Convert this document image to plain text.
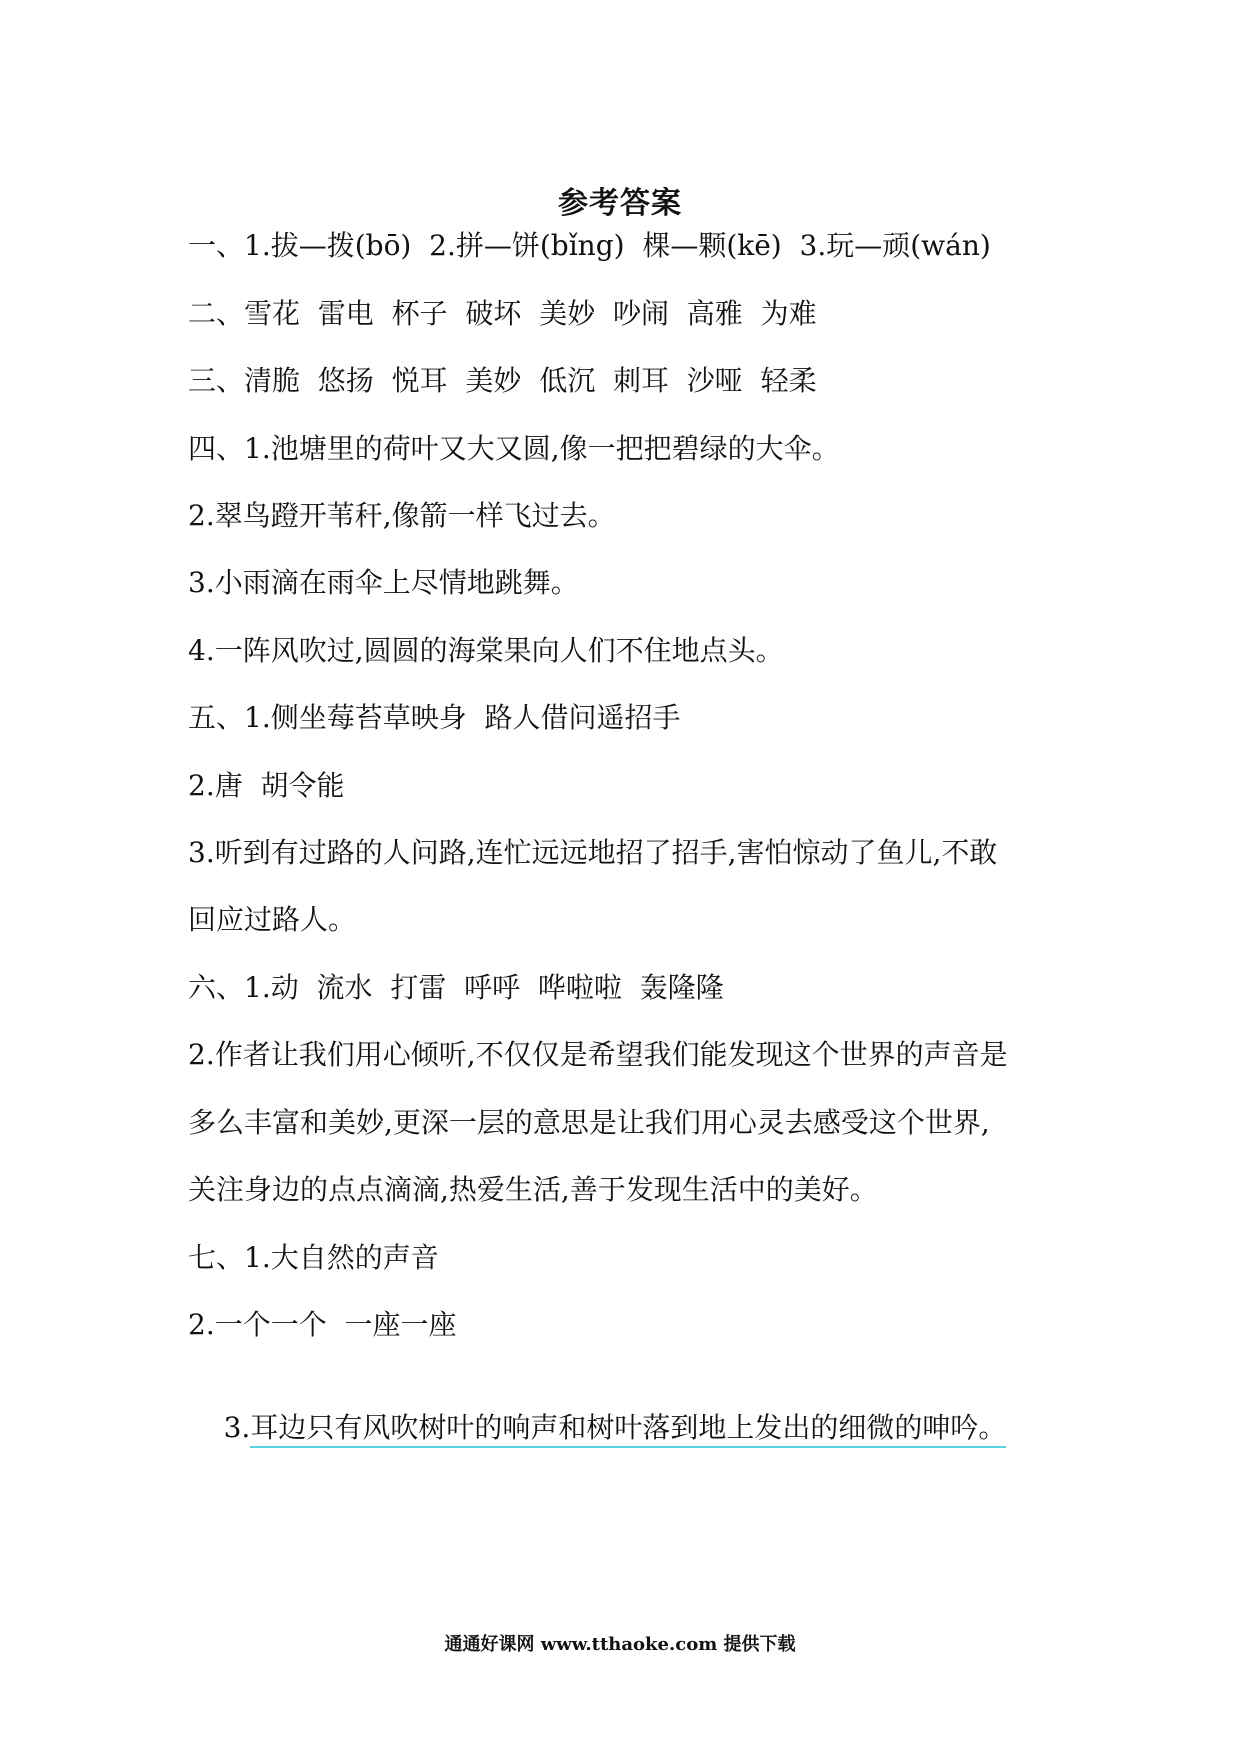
参考答案
一、1.拔—拨(bō)  2.拼—饼(bǐng)  棵—颗(kē)  3.玩—顽(wán)
二、雪花  雷电  杯子  破坏  美妙  吵闹  高雅  为难
三、清脆  悠扬  悦耳  美妙  低沉  刺耳  沙哑  轻柔
四、1.池塘里的荷叶又大又圆,像一把把碧绿的大伞。
2.翠鸟蹬开苇秆,像箭一样飞过去。
3.小雨滴在雨伞上尽情地跳舞。
4.一阵风吹过,圆圆的海棠果向人们不住地点头。
五、1.侧坐莓苔草映身  路人借问遥招手
2.唐  胡令能
3.听到有过路的人问路,连忙远远地招了招手,害怕惊动了鱼儿,不敢
回应过路人。
六、1.动  流水  打雷  呼呼  哗啦啦  轰隆隆
2.作者让我们用心倾听,不仅仅是希望我们能发现这个世界的声音是
多么丰富和美妙,更深一层的意思是让我们用心灵去感受这个世界,
关注身边的点点滴滴,热爱生活,善于发现生活中的美好。
七、1.大自然的声音
2.一个一个  一座一座

3.耳边只有风吹树叶的响声和树叶落到地上发出的细微的呻吟。

通通好课网 www.tthaoke.com 提供下载
